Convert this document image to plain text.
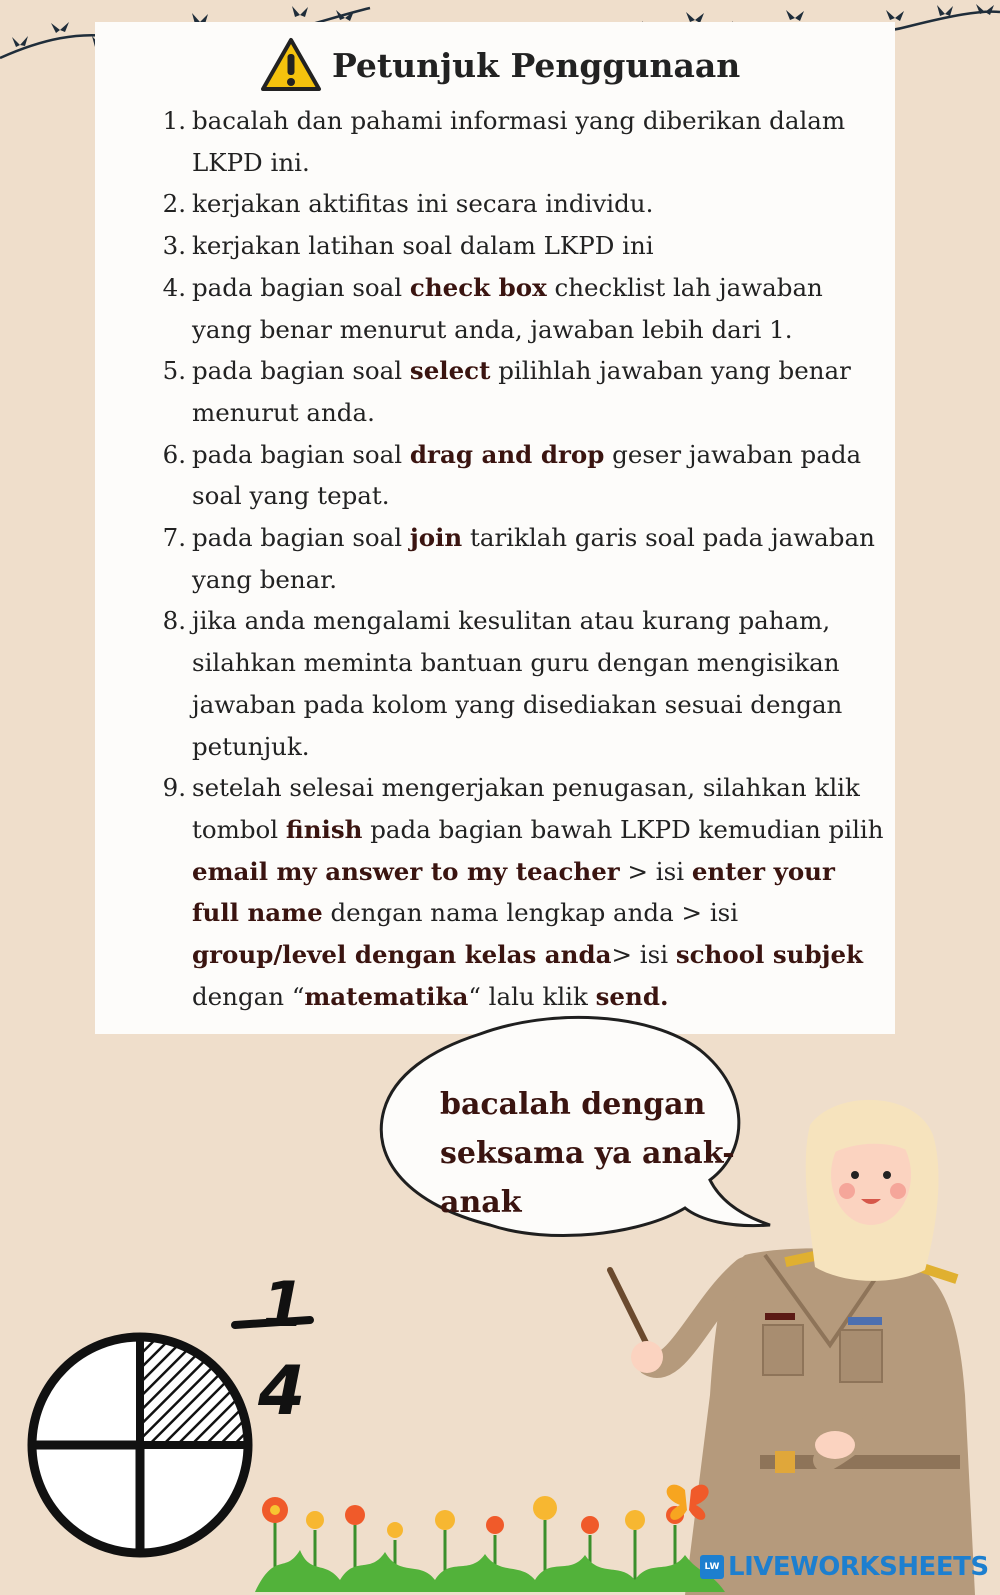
Petunjuk Penggunaan
1. bacalah dan pahami informasi yang diberikan dalam LKPD ini.
2. kerjakan aktifitas ini secara individu.
3. kerjakan latihan soal dalam LKPD ini
4. pada bagian soal check box checklist lah jawaban yang benar menurut anda, jawaban lebih dari 1.
5. pada bagian soal select pilihlah jawaban yang benar menurut anda.
6. pada bagian soal drag and drop geser jawaban pada soal yang tepat.
7. pada bagian soal join tariklah garis soal pada jawaban yang benar.
8. jika anda mengalami kesulitan atau kurang paham, silahkan meminta bantuan guru dengan mengisikan jawaban pada kolom yang disediakan sesuai dengan petunjuk.
9. setelah selesai mengerjakan penugasan, silahkan klik tombol finish pada bagian bawah LKPD kemudian pilih email my answer to my teacher > isi enter your full name dengan nama lengkap anda > isi group/level dengan kelas anda> isi school subjek dengan “matematika“ lalu klik send.
bacalah dengan seksama ya anak-anak
1
4
LW LIVEWORKSHEETS
